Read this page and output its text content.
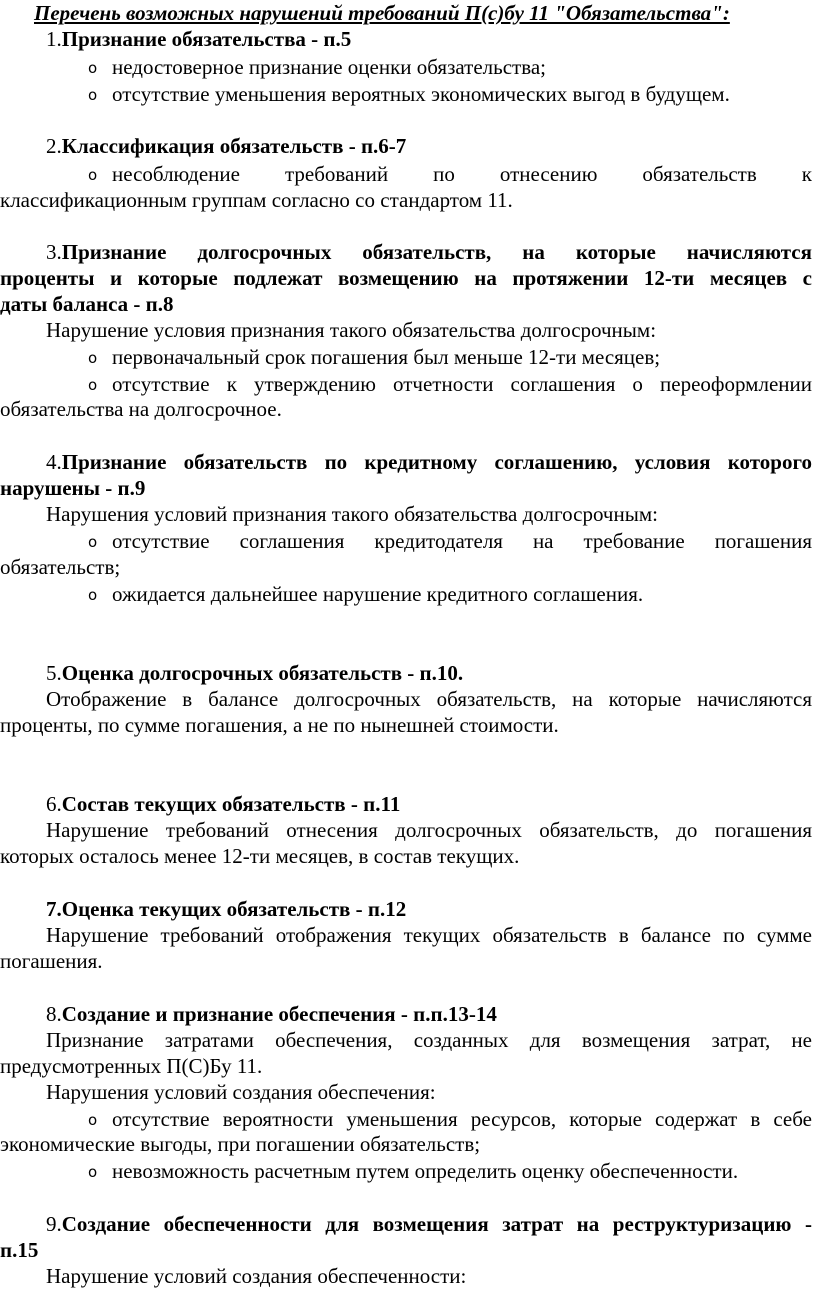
Перечень возможных нарушений требований П(с)бу 11 "Обязательства":
1.Признание обязательства - п.5
o недостоверное признание оценки обязательства;
o отсутствие уменьшения вероятных экономических выгод в будущем.
2.Классификация обязательств - п.6-7
o несоблюдение требований по отнесению обязательств к
классификационным группам согласно со стандартом 11.
3.Признание долгосрочных обязательств, на которые начисляются
проценты и которые подлежат возмещению на протяжении 12-ти месяцев с
даты баланса - п.8
Нарушение условия признания такого обязательства долгосрочным:
o первоначальный срок погашения был меньше 12-ти месяцев;
o отсутствие к утверждению отчетности соглашения о переоформлении
обязательства на долгосрочное.
4.Признание обязательств по кредитному соглашению, условия которого
нарушены - п.9
Нарушения условий признания такого обязательства долгосрочным:
o отсутствие соглашения кредитодателя на требование погашения
обязательств;
o ожидается дальнейшее нарушение кредитного соглашения.
5.Оценка долгосрочных обязательств - п.10.
Отображение в балансе долгосрочных обязательств, на которые начисляются
проценты, по сумме погашения, а не по нынешней стоимости.
6.Состав текущих обязательств - п.11
Нарушение требований отнесения долгосрочных обязательств, до погашения
которых осталось менее 12-ти месяцев, в состав текущих.
7.Оценка текущих обязательств - п.12
Нарушение требований отображения текущих обязательств в балансе по сумме
погашения.
8.Создание и признание обеспечения - п.п.13-14
Признание затратами обеспечения, созданных для возмещения затрат, не
предусмотренных П(С)Бу 11.
Нарушения условий создания обеспечения:
o отсутствие вероятности уменьшения ресурсов, которые содержат в себе
экономические выгоды, при погашении обязательств;
o невозможность расчетным путем определить оценку обеспеченности.
9.Создание обеспеченности для возмещения затрат на реструктуризацию -
п.15
Нарушение условий создания обеспеченности:
